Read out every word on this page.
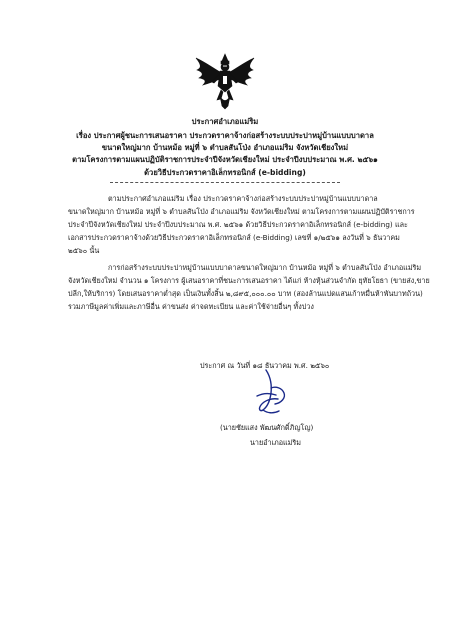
ประกาศอำเภอแม่ริม
เรื่อง ประกาศผู้ชนะการเสนอราคา ประกวดราคาจ้างก่อสร้างระบบประปาหมู่บ้านแบบบาดาล
ขนาดใหญ่มาก บ้านหม้อ หมู่ที่ ๖ ตำบลสันโป่ง อำเภอแม่ริม จังหวัดเชียงใหม่
ตามโครงการตามแผนปฏิบัติราชการประจำปีจังหวัดเชียงใหม่ ประจำปีงบประมาณ พ.ศ. ๒๕๖๑
ด้วยวิธีประกวดราคาอิเล็กทรอนิกส์ (e-bidding)
ตามประกาศอำเภอแม่ริม เรื่อง ประกวดราคาจ้างก่อสร้างระบบประปาหมู่บ้านแบบบาดาล
ขนาดใหญ่มาก บ้านหม้อ หมู่ที่ ๖ ตำบลสันโป่ง อำเภอแม่ริม จังหวัดเชียงใหม่ ตามโครงการตามแผนปฏิบัติราชการ
ประจำปีจังหวัดเชียงใหม่ ประจำปีงบประมาณ พ.ศ. ๒๕๖๑ ด้วยวิธีประกวดราคาอิเล็กทรอนิกส์ (e-bidding) และ
เอกสารประกวดราคาจ้างด้วยวิธีประกวดราคาอิเล็กทรอนิกส์ (e-Bidding) เลขที่ ๑/๒๕๖๑ ลงวันที่ ๖ ธันวาคม
๒๕๖๐ นั้น
การก่อสร้างระบบประปาหมู่บ้านแบบบาดาลขนาดใหญ่มาก บ้านหม้อ หมู่ที่ ๖ ตำบลสันโป่ง อำเภอแม่ริม
จังหวัดเชียงใหม่ จำนวน ๑ โครงการ ผู้เสนอราคาที่ชนะการเสนอราคา ได้แก่ ห้างหุ้นส่วนจำกัด ยุทัยโยธา (ขายส่ง,ขาย
ปลีก,ให้บริการ) โดยเสนอราคาต่ำสุด เป็นเงินทั้งสิ้น ๒,๘๙๕,๐๐๐.๐๐ บาท (สองล้านแปดแสนเก้าหมื่นห้าพันบาทถ้วน)
รวมภาษีมูลค่าเพิ่มและภาษีอื่น ค่าขนส่ง ค่าจดทะเบียน และค่าใช้จ่ายอื่นๆ ทั้งปวง
ประกาศ ณ วันที่ ๑๘ ธันวาคม พ.ศ. ๒๕๖๐
(นายชัยแสง พัฒนศักดิ์ภิญโญ)
นายอำเภอแม่ริม
